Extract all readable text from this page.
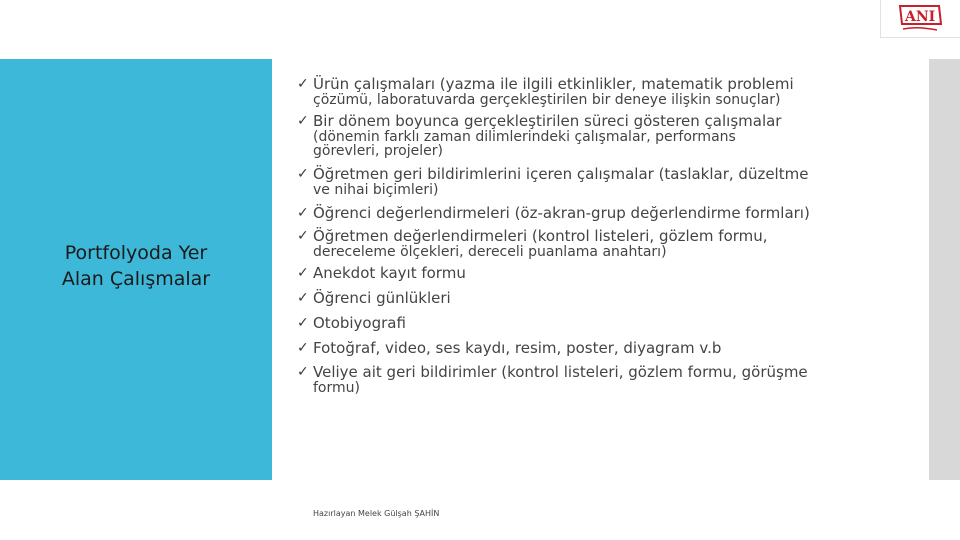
ANI

Portfolyoda Yer

Alan Çalışmalar

✓ Ürün çalışmaları (yazma ile ilgili etkinlikler, matematik problemi
çözümü, laboratuvarda gerçekleştirilen bir deneye ilişkin sonuçlar)
✓ Bir dönem boyunca gerçekleştirilen süreci gösteren çalışmalar
(dönemin farklı zaman dilimlerindeki çalışmalar, performans
görevleri, projeler)
✓ Öğretmen geri bildirimlerini içeren çalışmalar (taslaklar, düzeltme
ve nihai biçimleri)
✓ Öğrenci değerlendirmeleri (öz-akran-grup değerlendirme formları)
✓ Öğretmen değerlendirmeleri (kontrol listeleri, gözlem formu,
dereceleme ölçekleri, dereceli puanlama anahtarı)
✓ Anekdot kayıt formu
✓ Öğrenci günlükleri
✓ Otobiyografi
✓ Fotoğraf, video, ses kaydı, resim, poster, diyagram v.b
✓ Veliye ait geri bildirimler (kontrol listeleri, gözlem formu, görüşme
formu)
Hazırlayan Melek Gülşah ŞAHİN
